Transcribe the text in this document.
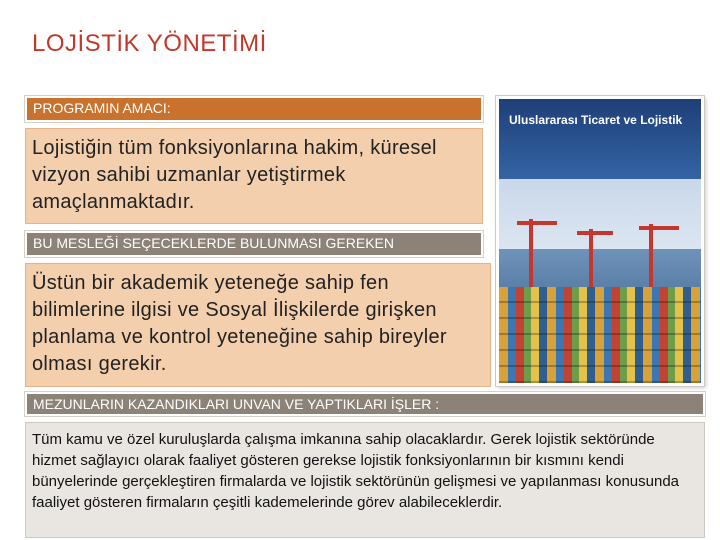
LOJİSTİK YÖNETİMİ
PROGRAMIN AMACI:
Lojistiğin tüm fonksiyonlarına hakim, küresel vizyon sahibi uzmanlar yetiştirmek amaçlanmaktadır.
BU MESLEĞİ SEÇECEKLERDE BULUNMASI GEREKEN
Üstün bir akademik yeteneğe sahip fen bilimlerine ilgisi ve Sosyal İlişkilerde girişken planlama ve kontrol yeteneğine sahip bireyler olması gerekir.
MEZUNLARIN KAZANDIKLARI UNVAN VE YAPTIKLARI İŞLER :
Tüm kamu ve özel kuruluşlarda çalışma imkanına sahip olacaklardır. Gerek lojistik sektöründe hizmet sağlayıcı olarak faaliyet gösteren gerekse lojistik fonksiyonlarının bir kısmını kendi bünyelerinde gerçekleştiren firmalarda ve lojistik sektörünün gelişmesi ve yapılanması konusunda faaliyet gösteren firmaların çeşitli kademelerinde görev alabileceklerdir.
Uluslararası Ticaret ve Lojistik
